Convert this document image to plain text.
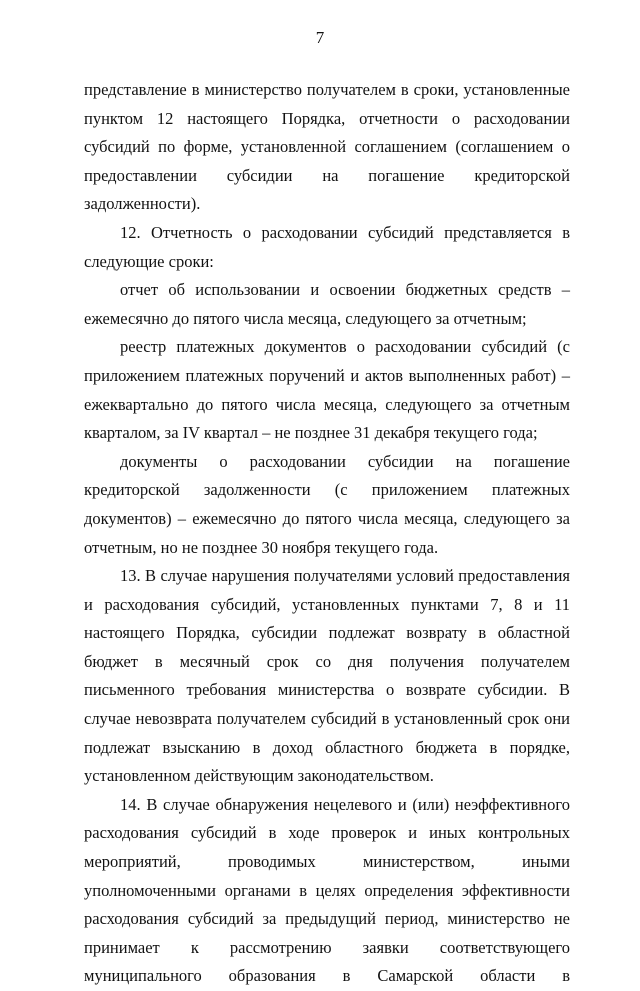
7

представление в министерство получателем в сроки, установленные пунктом 12 настоящего Порядка, отчетности о расходовании субсидий по форме, установленной соглашением (соглашением о предоставлении субсидии на погашение кредиторской задолженности).

12. Отчетность о расходовании субсидий представляется в следующие сроки:

отчет об использовании и освоении бюджетных средств – ежемесячно до пятого числа месяца, следующего за отчетным;

реестр платежных документов о расходовании субсидий (с приложением платежных поручений и актов выполненных работ) – ежеквартально до пятого числа месяца, следующего за отчетным кварталом, за IV квартал – не позднее 31 декабря текущего года;

документы о расходовании субсидии на погашение кредиторской задолженности (с приложением платежных документов) – ежемесячно до пятого числа месяца, следующего за отчетным, но не позднее 30 ноября текущего года.

13. В случае нарушения получателями условий предоставления и расходования субсидий, установленных пунктами 7, 8 и 11 настоящего Порядка, субсидии подлежат возврату в областной бюджет в месячный срок со дня получения получателем письменного требования министерства о возврате субсидии. В случае невозврата получателем субсидий в установленный срок они подлежат взысканию в доход областного бюджета в порядке, установленном действующим законодательством.

14. В случае обнаружения нецелевого и (или) неэффективного расходования субсидий в ходе проверок и иных контрольных мероприятий, проводимых министерством, иными уполномоченными органами в целях определения эффективности расходования субсидий за предыдущий период, министерство не принимает к рассмотрению заявки соответствующего муниципального образования в Самарской области в
